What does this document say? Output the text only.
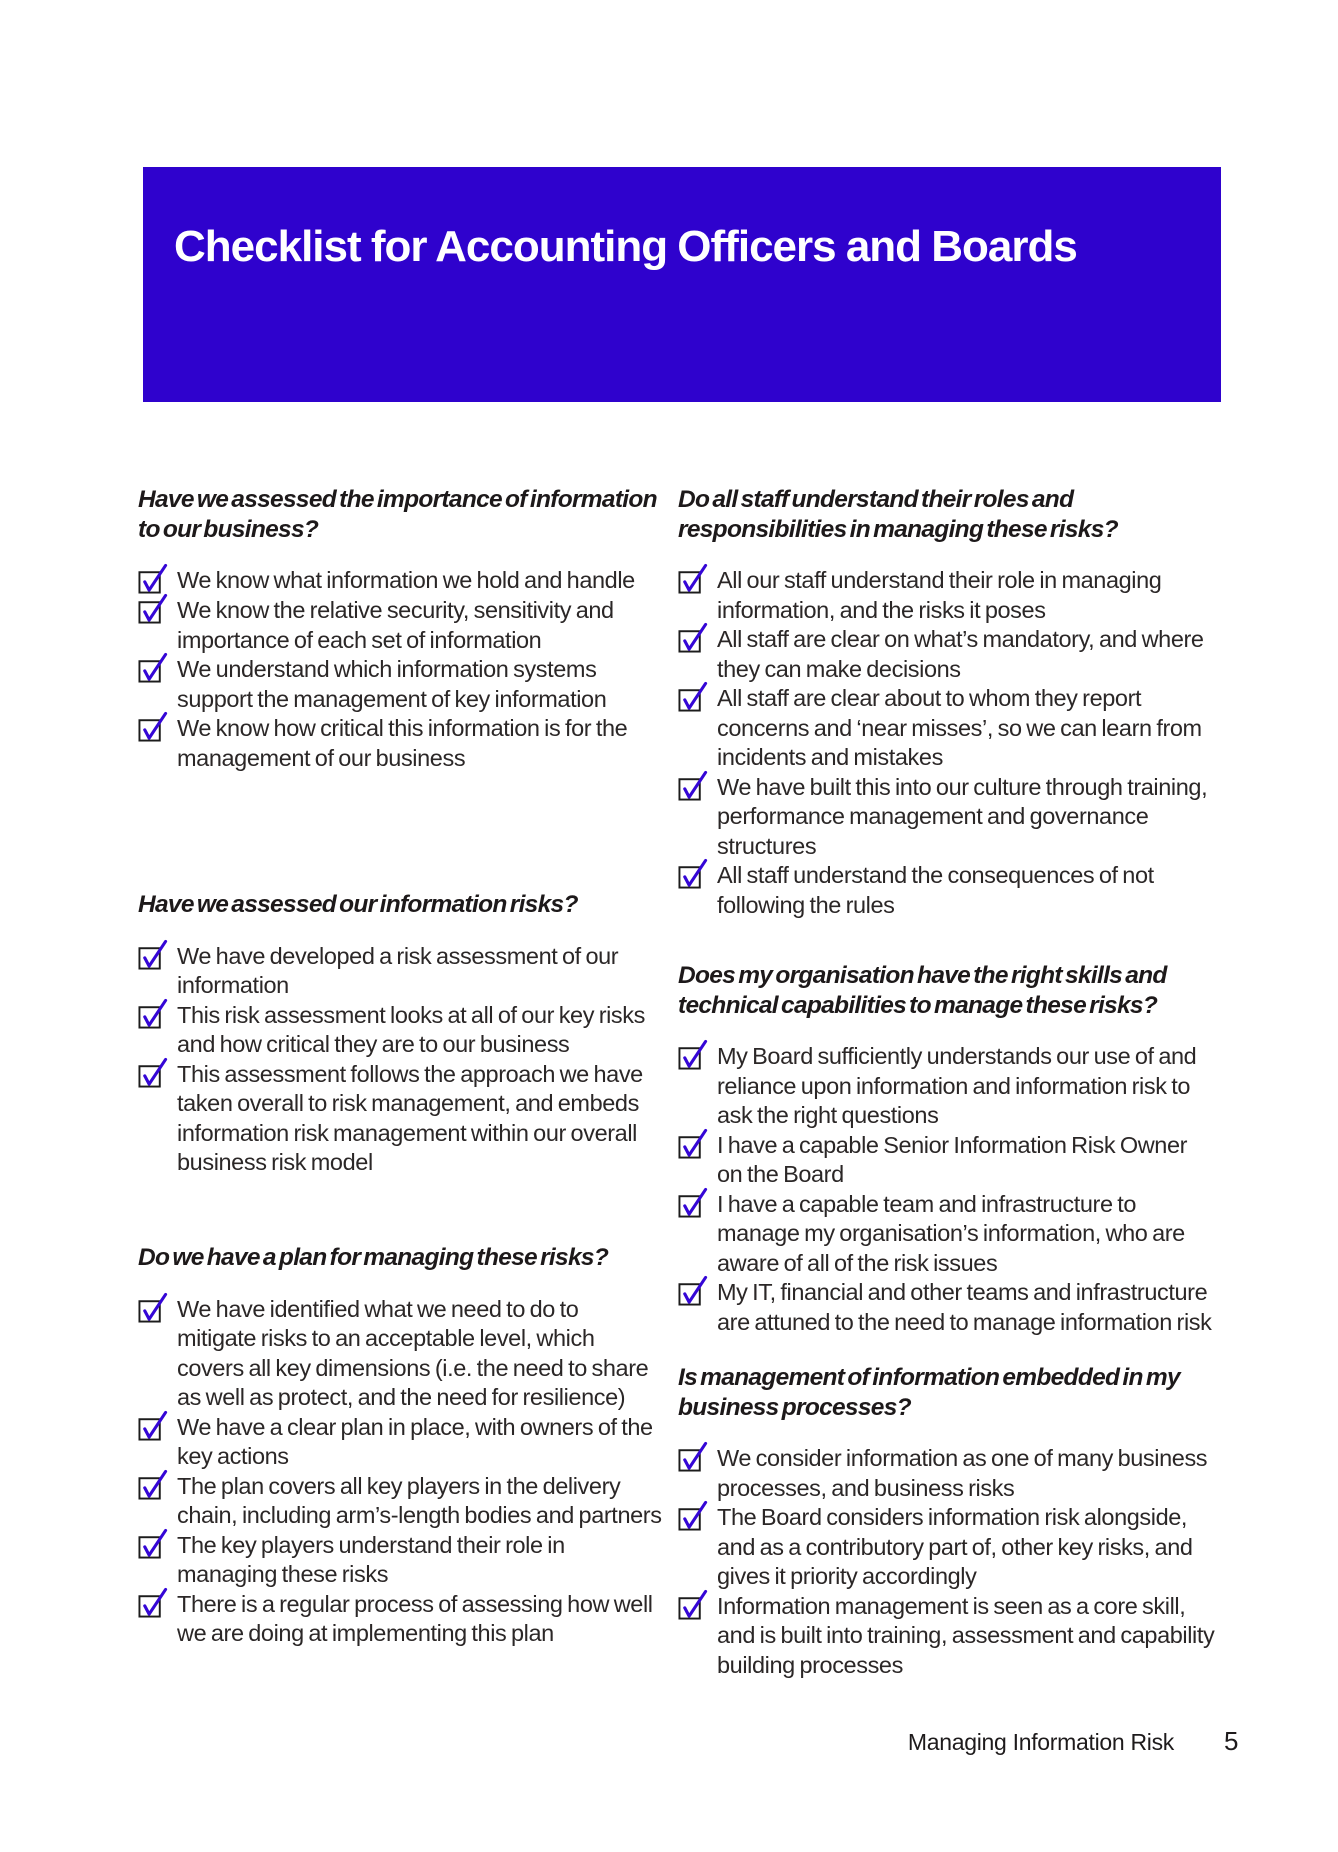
Checklist for Accounting Officers and Boards
Have we assessed the importance of information to our business?
We know what information we hold and handle
We know the relative security, sensitivity and importance of each set of information
We understand which information systems support the management of key information
We know how critical this information is for the management of our business
Have we assessed our information risks?
We have developed a risk assessment of our information
This risk assessment looks at all of our key risks and how critical they are to our business
This assessment follows the approach we have taken overall to risk management, and embeds information risk management within our overall business risk model
Do we have a plan for managing these risks?
We have identified what we need to do to mitigate risks to an acceptable level, which covers all key dimensions (i.e. the need to share as well as protect, and the need for resilience)
We have a clear plan in place, with owners of the key actions
The plan covers all key players in the delivery chain, including arm’s-length bodies and partners
The key players understand their role in managing these risks
There is a regular process of assessing how well we are doing at implementing this plan
Do all staff understand their roles and responsibilities in managing these risks?
All our staff understand their role in managing information, and the risks it poses
All staff are clear on what’s mandatory, and where they can make decisions
All staff are clear about to whom they report concerns and ‘near misses’, so we can learn from incidents and mistakes
We have built this into our culture through training, performance management and governance structures
All staff understand the consequences of not following the rules
Does my organisation have the right skills and technical capabilities to manage these risks?
My Board sufficiently understands our use of and reliance upon information and information risk to ask the right questions
I have a capable Senior Information Risk Owner on the Board
I have a capable team and infrastructure to manage my organisation’s information, who are aware of all of the risk issues
My IT, financial and other teams and infrastructure are attuned to the need to manage information risk
Is management of information embedded in my business processes?
We consider information as one of many business processes, and business risks
The Board considers information risk alongside, and as a contributory part of, other key risks, and gives it priority accordingly
Information management is seen as a core skill, and is built into training, assessment and capability building processes
Managing Information Risk 5
